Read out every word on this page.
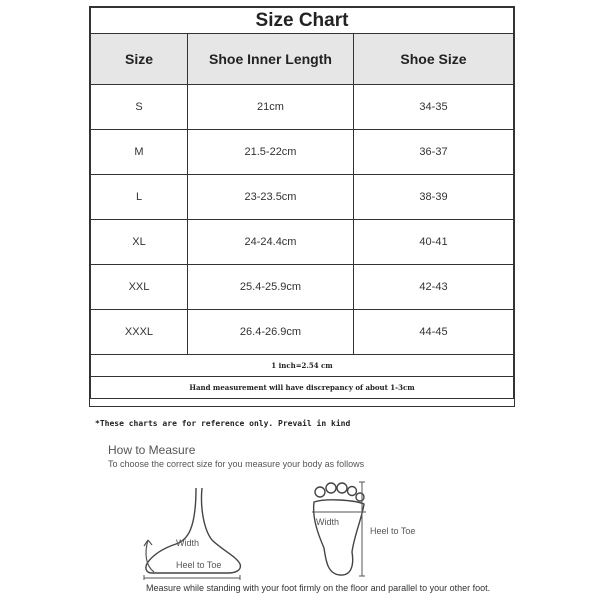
Size Chart		
Size	Shoe Inner Length	Shoe Size
S	21cm	34-35
M	21.5-22cm	36-37
L	23-23.5cm	38-39
XL	24-24.4cm	40-41
XXL	25.4-25.9cm	42-43
XXXL	26.4-26.9cm	44-45
1 inch=2.54 cm		
Hand measurement will have discrepancy of about 1-3cm		

*These charts are for reference only. Prevail in kind

How to Measure

To choose the correct size for you measure your body as follows

Width
Heel to Toe
Width
Heel to Toe

Measure while standing with your foot firmly on the floor and parallel to your other foot.
